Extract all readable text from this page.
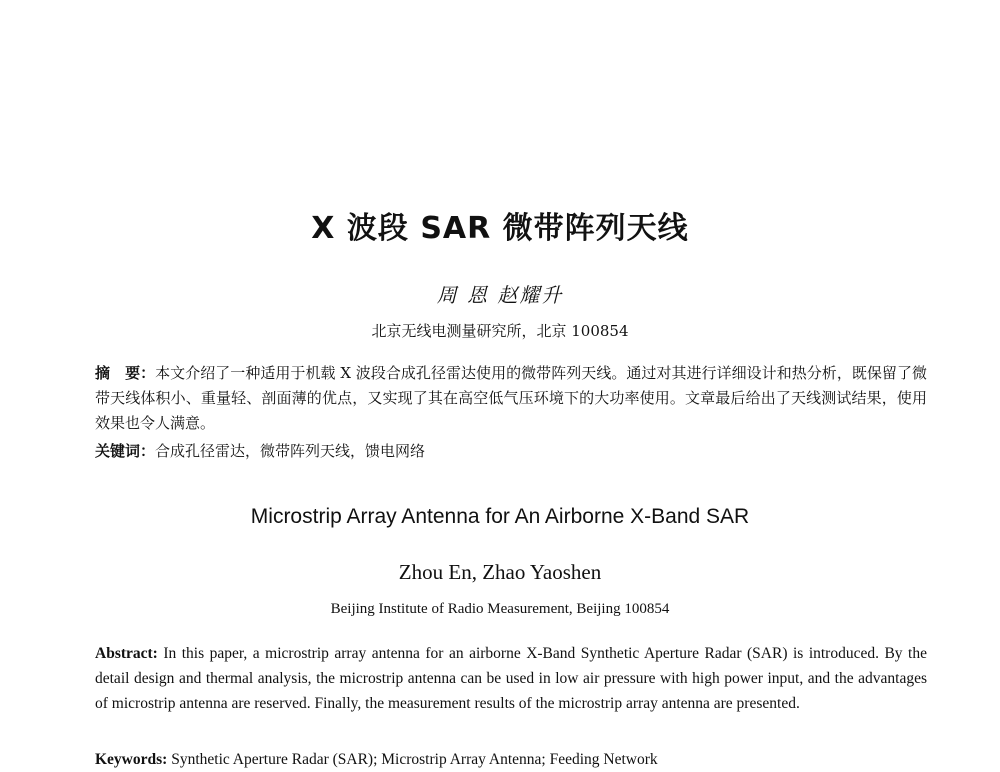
X 波段 SAR 微带阵列天线
周 恩 赵耀升
北京无线电测量研究所，北京 100854
摘　要：本文介绍了一种适用于机载 X 波段合成孔径雷达使用的微带阵列天线。通过对其进行详细设计和热分析，既保留了微带天线体积小、重量轻、剖面薄的优点，又实现了其在高空低气压环境下的大功率使用。文章最后给出了天线测试结果，使用效果也令人满意。
关键词：合成孔径雷达，微带阵列天线，馈电网络
Microstrip Array Antenna for An Airborne X-Band SAR
Zhou En, Zhao Yaoshen
Beijing Institute of Radio Measurement, Beijing 100854
Abstract: In this paper, a microstrip array antenna for an airborne X-Band Synthetic Aperture Radar (SAR) is introduced. By the detail design and thermal analysis, the microstrip antenna can be used in low air pressure with high power input, and the advantages of microstrip antenna are reserved. Finally, the measurement results of the microstrip array antenna are presented.
Keywords: Synthetic Aperture Radar (SAR); Microstrip Array Antenna; Feeding Network
